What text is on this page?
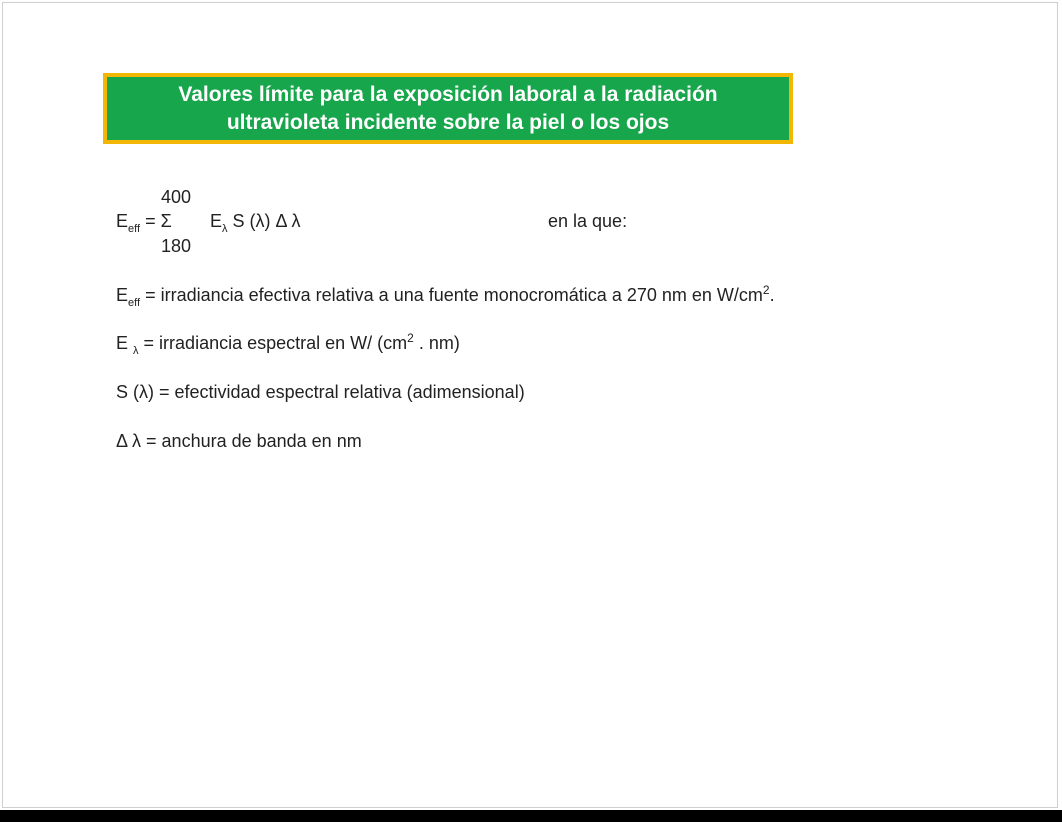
Valores límite para la exposición laboral a la radiación
ultravioleta incidente sobre la piel o los ojos
400
$E_{eff} = \Sigma$ $E_\lambda$ S (λ) Δ λ
180
en la que:
$E_{eff}$ = irradiancia efectiva relativa a una fuente monocromática a 270 nm en $W/cm^2$.
E $_\lambda$ = irradiancia espectral en W/ ($cm^2$ . nm)
S (λ) = efectividad espectral relativa (adimensional)
Δ λ = anchura de banda en nm
